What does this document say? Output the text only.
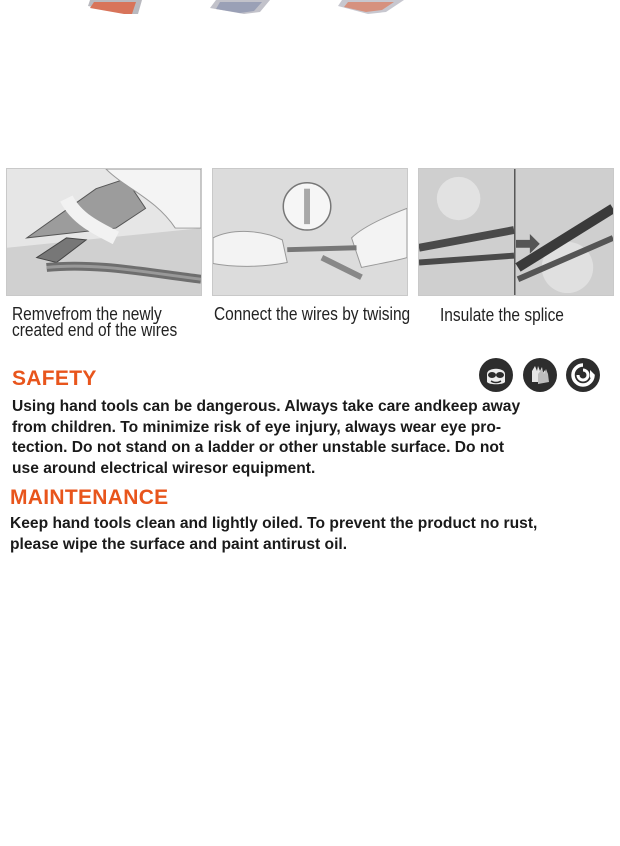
Remvefrom the newly
created end of the wires
Connect the wires by twising Insulate the splice
SAFETY
Using hand tools can be dangerous. Always take care andkeep away
from children. To minimize risk of eye injury, always wear eye pro-
tection. Do not stand on a ladder or other unstable surface. Do not
use around electrical wiresor equipment.
MAINTENANCE
Keep hand tools clean and lightly oiled. To prevent the product no rust,
please wipe the surface and paint antirust oil.
